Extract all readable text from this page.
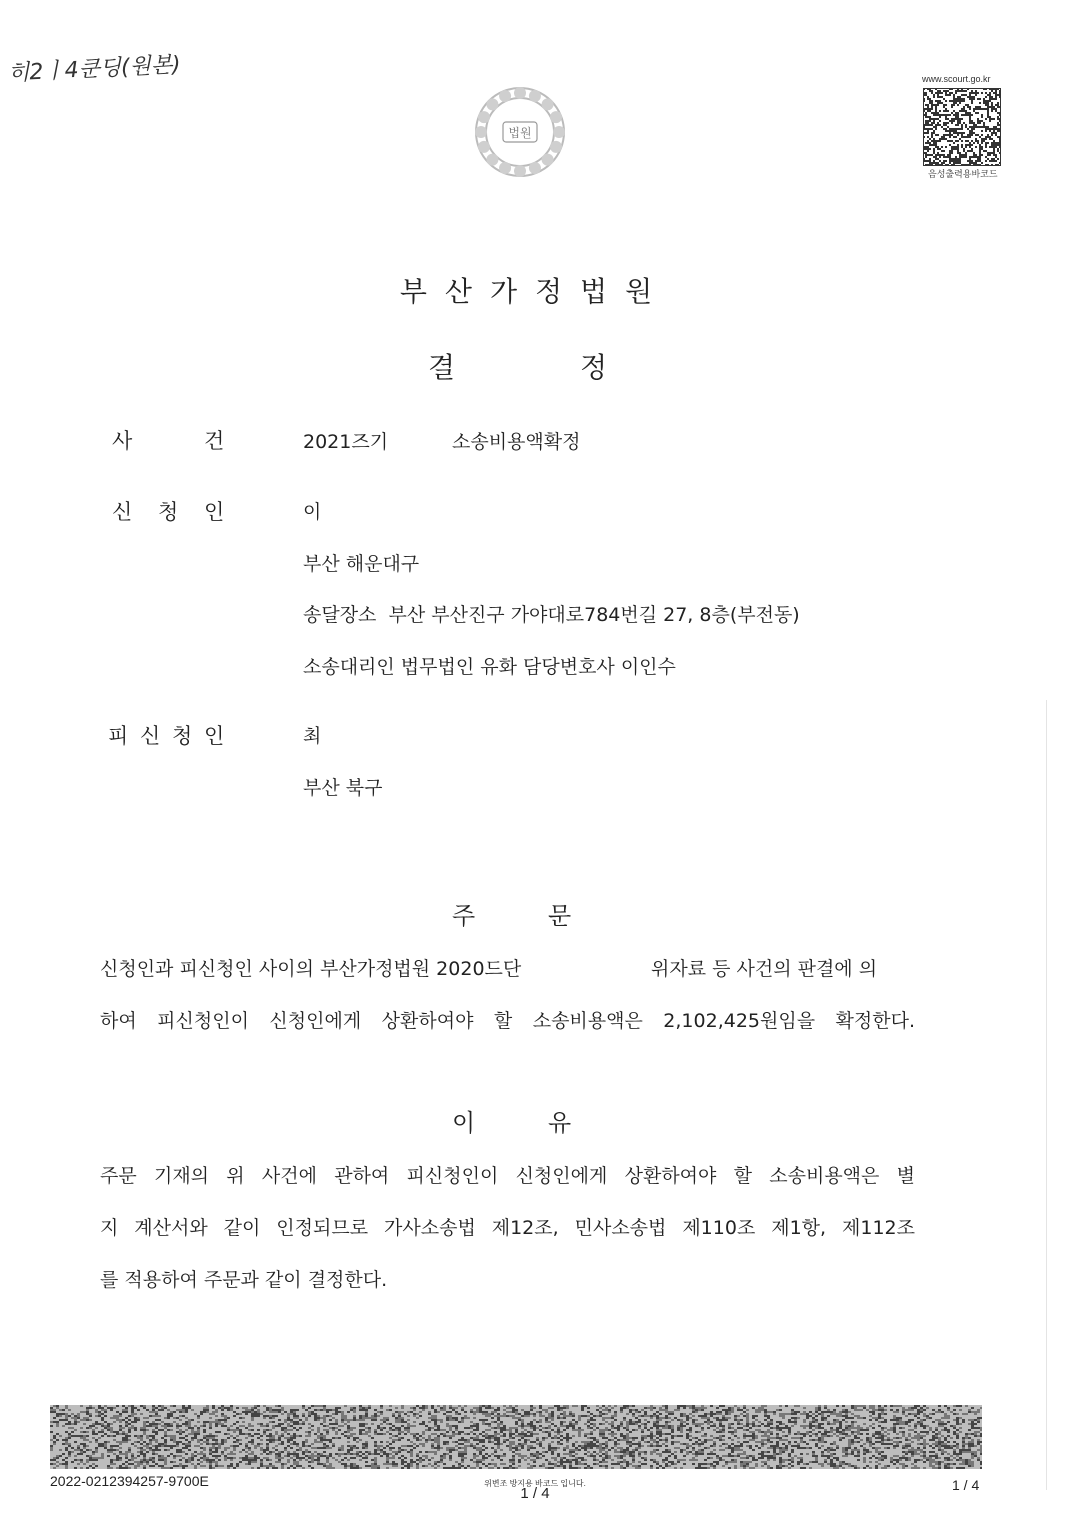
히2ㅣ4쿤딩(원본)
법원
www.scourt.go.kr
음성출력용바코드
부산가정법원
결	정
사	건	2021즈기	소송비용액확정
신 청 인	이
부산 해운대구
송달장소  부산 부산진구 가야대로784번길 27, 8층(부전동)
소송대리인 법무법인 유화 담당변호사 이인수
피 신 청 인	최
부산 북구
주	문
신청인과 피신청인 사이의 부산가정법원 2020드단	위자료 등 사건의 판결에 의
하여 피신청인이 신청인에게 상환하여야 할 소송비용액은 2,102,425원임을 확정한다.
이	유
주문 기재의 위 사건에 관하여 피신청인이 신청인에게 상환하여야 할 소송비용액은 별
지 계산서와 같이 인정되므로 가사소송법 제12조, 민사소송법 제110조 제1항, 제112조
를 적용하여 주문과 같이 결정한다.
2022-0212394257-9700E	위변조 방지용 바코드 입니다.
1 / 4	1 / 4
